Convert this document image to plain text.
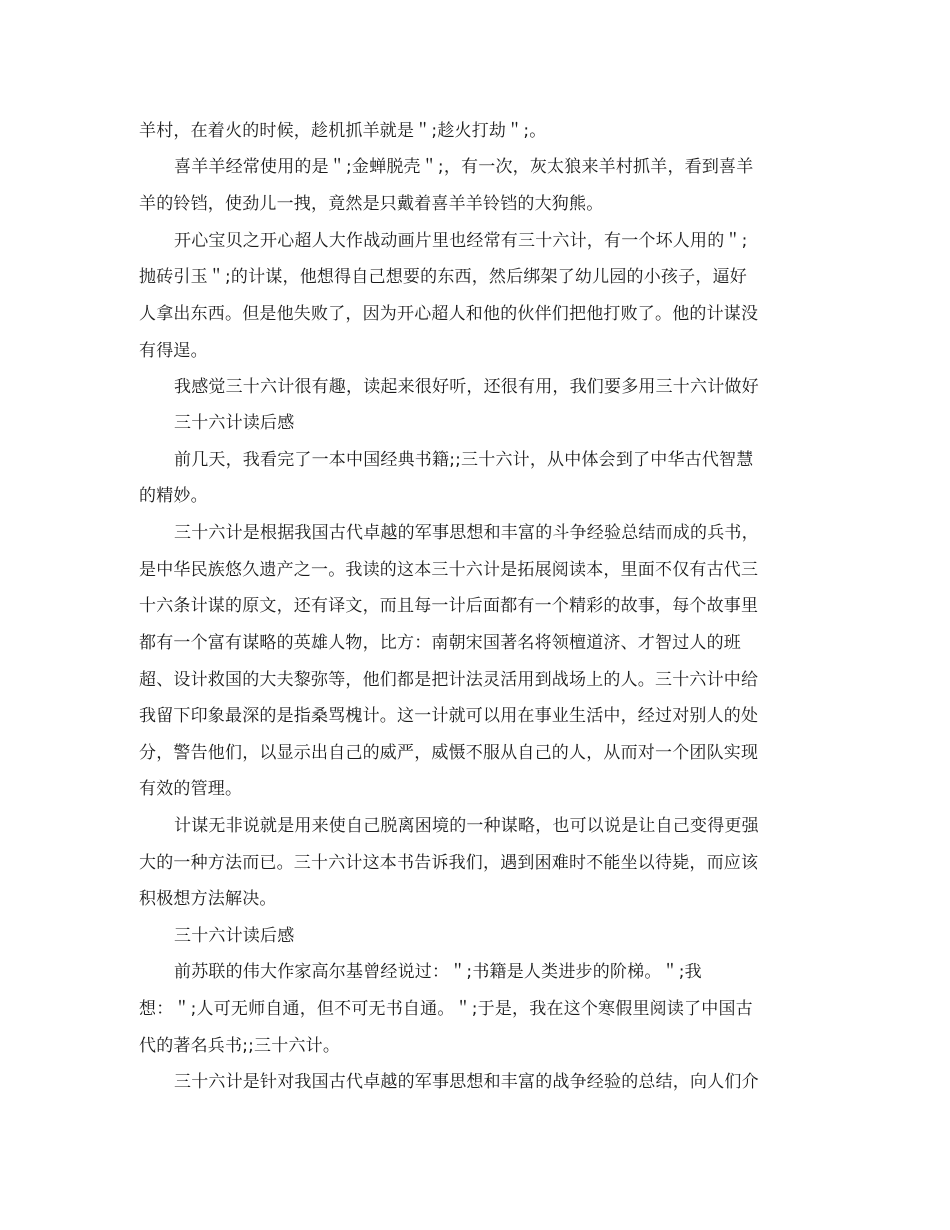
羊村，在着火的时候，趁机抓羊就是＂;趁火打劫＂;。
喜羊羊经常使用的是＂;金蝉脱壳＂;，有一次，灰太狼来羊村抓羊，看到喜羊
羊的铃铛，使劲儿一拽，竟然是只戴着喜羊羊铃铛的大狗熊。
开心宝贝之开心超人大作战动画片里也经常有三十六计，有一个坏人用的＂;
抛砖引玉＂;的计谋，他想得自己想要的东西，然后绑架了幼儿园的小孩子，逼好
人拿出东西。但是他失败了，因为开心超人和他的伙伴们把他打败了。他的计谋没
有得逞。
我感觉三十六计很有趣，读起来很好听，还很有用，我们要多用三十六计做好
三十六计读后感
前几天，我看完了一本中国经典书籍;;三十六计，从中体会到了中华古代智慧
的精妙。
三十六计是根据我国古代卓越的军事思想和丰富的斗争经验总结而成的兵书，
是中华民族悠久遗产之一。我读的这本三十六计是拓展阅读本，里面不仅有古代三
十六条计谋的原文，还有译文，而且每一计后面都有一个精彩的故事，每个故事里
都有一个富有谋略的英雄人物，比方：南朝宋国著名将领檀道济、才智过人的班
超、设计救国的大夫黎弥等，他们都是把计法灵活用到战场上的人。三十六计中给
我留下印象最深的是指桑骂槐计。这一计就可以用在事业生活中，经过对别人的处
分，警告他们，以显示出自己的威严，威慑不服从自己的人，从而对一个团队实现
有效的管理。
计谋无非说就是用来使自己脱离困境的一种谋略，也可以说是让自己变得更强
大的一种方法而已。三十六计这本书告诉我们，遇到困难时不能坐以待毙，而应该
积极想方法解决。
三十六计读后感
前苏联的伟大作家高尔基曾经说过：＂;书籍是人类进步的阶梯。＂;我
想：＂;人可无师自通，但不可无书自通。＂;于是，我在这个寒假里阅读了中国古
代的著名兵书;;三十六计。
三十六计是针对我国古代卓越的军事思想和丰富的战争经验的总结，向人们介
